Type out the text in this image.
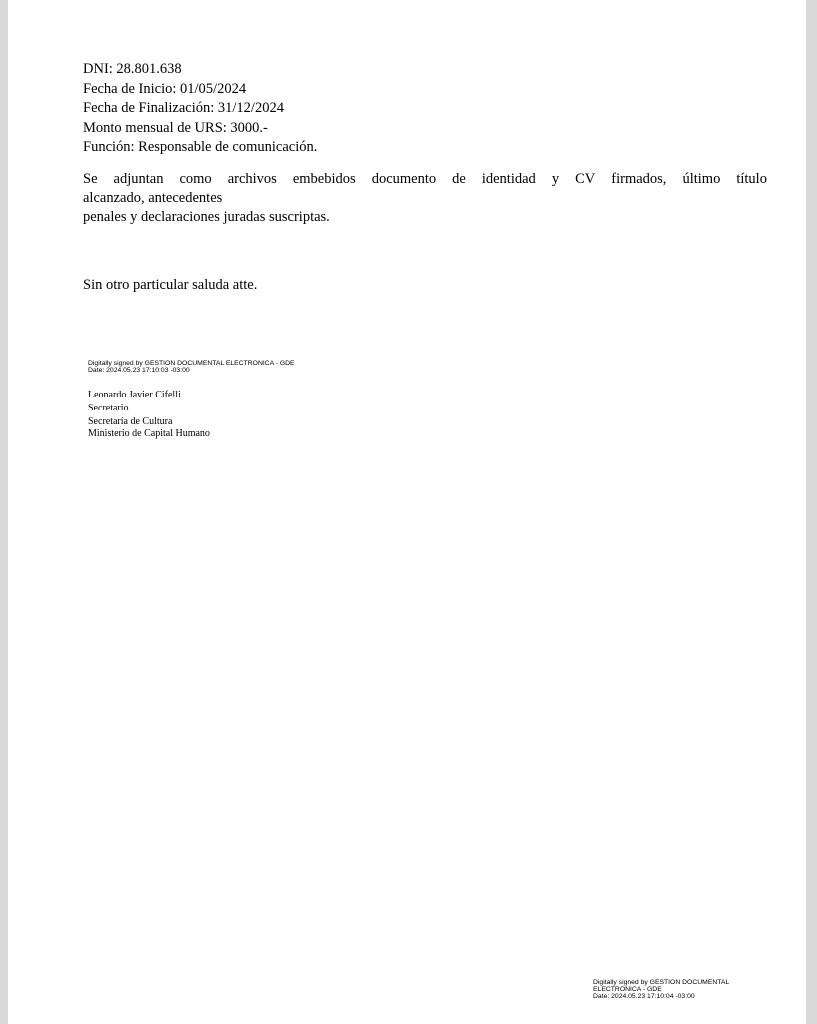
DNI: 28.801.638
Fecha de Inicio: 01/05/2024
Fecha de Finalización: 31/12/2024
Monto mensual de URS: 3000.-
Función: Responsable de comunicación.
Se adjuntan como archivos embebidos documento de identidad y CV firmados, último título
alcanzado, antecedentes
penales y declaraciones juradas suscriptas.
Sin otro particular saluda atte.
Digitally signed by GESTION DOCUMENTAL ELECTRONICA - GDE
Date: 2024.05.23 17:10:03 -03:00
Leonardo Javier Cifelli
Secretario
Secretaría de Cultura
Ministerio de Capital Humano
Digitally signed by GESTION DOCUMENTAL
ELECTRONICA - GDE
Date: 2024.05.23 17:10:04 -03:00
